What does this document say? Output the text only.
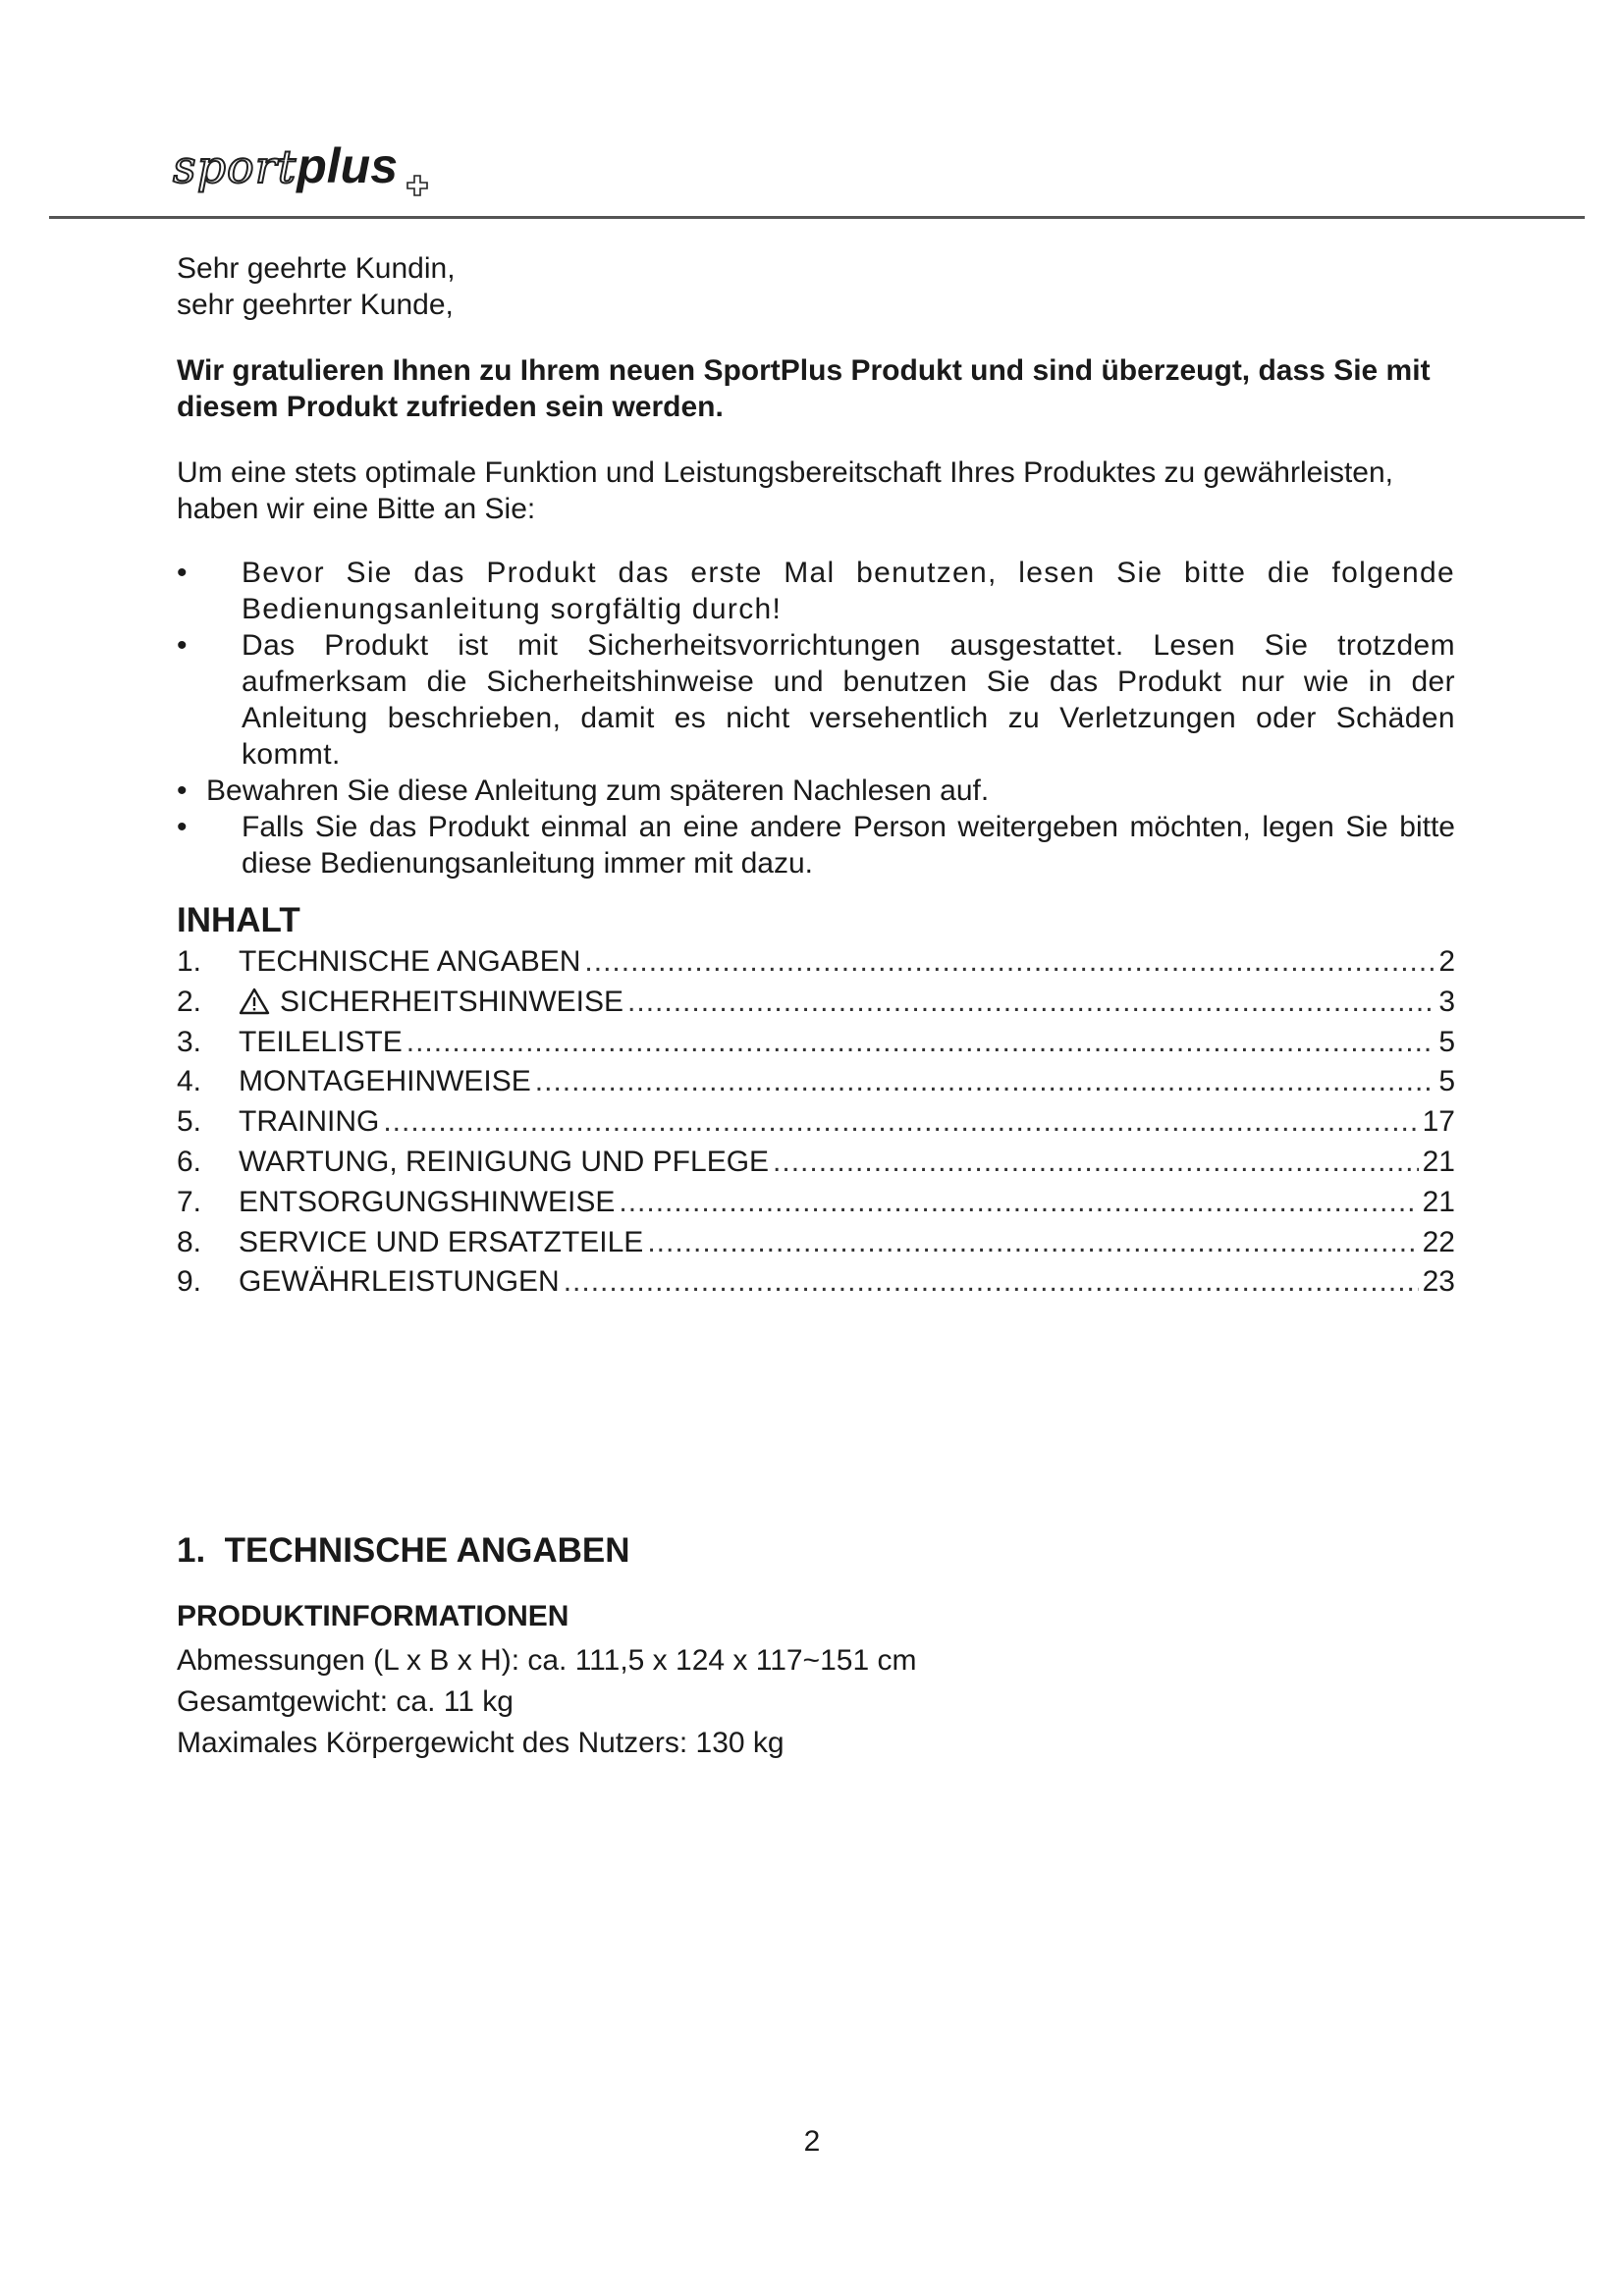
sportplus

Sehr geehrte Kundin,

sehr geehrter Kunde,

Wir gratulieren Ihnen zu Ihrem neuen SportPlus Produkt und sind überzeugt, dass Sie mit diesem Produkt zufrieden sein werden.

Um eine stets optimale Funktion und Leistungsbereitschaft Ihres Produktes zu gewährleisten, haben wir eine Bitte an Sie:

• Bevor Sie das Produkt das erste Mal benutzen, lesen Sie bitte die folgende Bedienungsanleitung sorgfältig durch!
• Das Produkt ist mit Sicherheitsvorrichtungen ausgestattet. Lesen Sie trotzdem aufmerksam die Sicherheitshinweise und benutzen Sie das Produkt nur wie in der Anleitung beschrieben, damit es nicht versehentlich zu Verletzungen oder Schäden kommt.
• Bewahren Sie diese Anleitung zum späteren Nachlesen auf.
• Falls Sie das Produkt einmal an eine andere Person weitergeben möchten, legen Sie bitte diese Bedienungsanleitung immer mit dazu.
INHALT
1.	TECHNISCHE ANGABEN .....	2
2.	SICHERHEITSHINWEISE .....	3
3.	TEILELISTE .....	5
4.	MONTAGEHINWEISE .....	5
5.	TRAINING .....	17
6.	WARTUNG, REINIGUNG UND PFLEGE .....	21
7.	ENTSORGUNGSHINWEISE .....	21
8.	SERVICE UND ERSATZTEILE .....	22
9.	GEWÄHRLEISTUNGEN .....	23
1.  TECHNISCHE ANGABEN
PRODUKTINFORMATIONEN

Abmessungen (L x B x H): ca. 111,5 x 124 x 117~151 cm

Gesamtgewicht: ca. 11 kg

Maximales Körpergewicht des Nutzers: 130 kg

2
